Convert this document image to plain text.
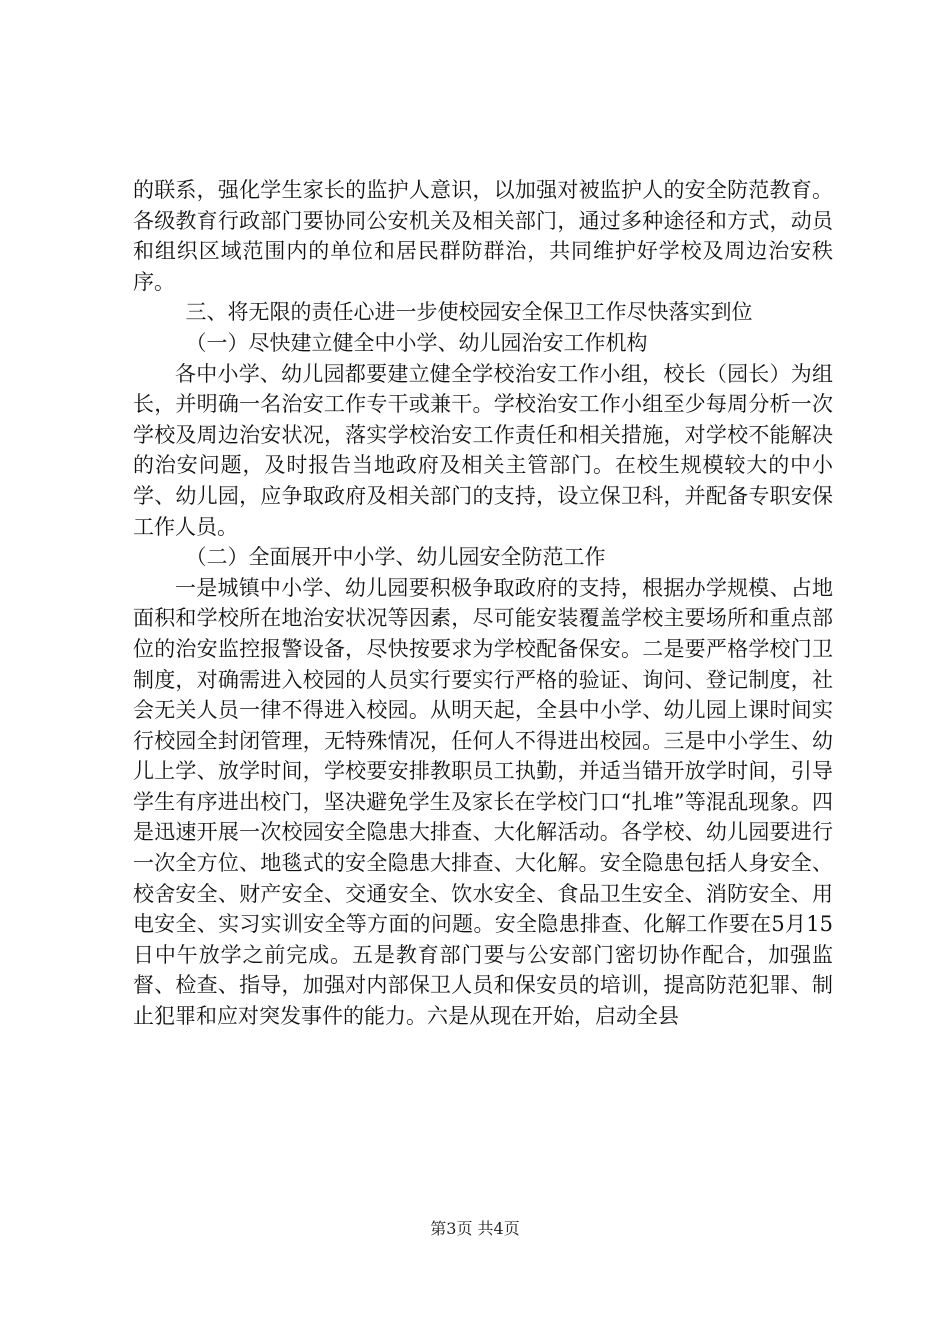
的联系，强化学生家长的监护人意识，以加强对被监护人的安全防范教育。各级教育行政部门要协同公安机关及相关部门，通过多种途径和方式，动员和组织区域范围内的单位和居民群防群治，共同维护好学校及周边治安秩序。

三、将无限的责任心进一步使校园安全保卫工作尽快落实到位

（一）尽快建立健全中小学、幼儿园治安工作机构

各中小学、幼儿园都要建立健全学校治安工作小组，校长（园长）为组长，并明确一名治安工作专干或兼干。学校治安工作小组至少每周分析一次学校及周边治安状况，落实学校治安工作责任和相关措施，对学校不能解决的治安问题，及时报告当地政府及相关主管部门。在校生规模较大的中小学、幼儿园，应争取政府及相关部门的支持，设立保卫科，并配备专职安保工作人员。

（二）全面展开中小学、幼儿园安全防范工作

一是城镇中小学、幼儿园要积极争取政府的支持，根据办学规模、占地面积和学校所在地治安状况等因素，尽可能安装覆盖学校主要场所和重点部位的治安监控报警设备，尽快按要求为学校配备保安。二是要严格学校门卫制度，对确需进入校园的人员实行要实行严格的验证、询问、登记制度，社会无关人员一律不得进入校园。从明天起，全县中小学、幼儿园上课时间实行校园全封闭管理，无特殊情况，任何人不得进出校园。三是中小学生、幼儿上学、放学时间，学校要安排教职员工执勤，并适当错开放学时间，引导学生有序进出校门，坚决避免学生及家长在学校门口“扎堆”等混乱现象。四是迅速开展一次校园安全隐患大排查、大化解活动。各学校、幼儿园要进行一次全方位、地毯式的安全隐患大排查、大化解。安全隐患包括人身安全、校舍安全、财产安全、交通安全、饮水安全、食品卫生安全、消防安全、用电安全、实习实训安全等方面的问题。安全隐患排查、化解工作要在5月15日中午放学之前完成。五是教育部门要与公安部门密切协作配合，加强监督、检查、指导，加强对内部保卫人员和保安员的培训，提高防范犯罪、制止犯罪和应对突发事件的能力。六是从现在开始，启动全县

第3页 共4页
